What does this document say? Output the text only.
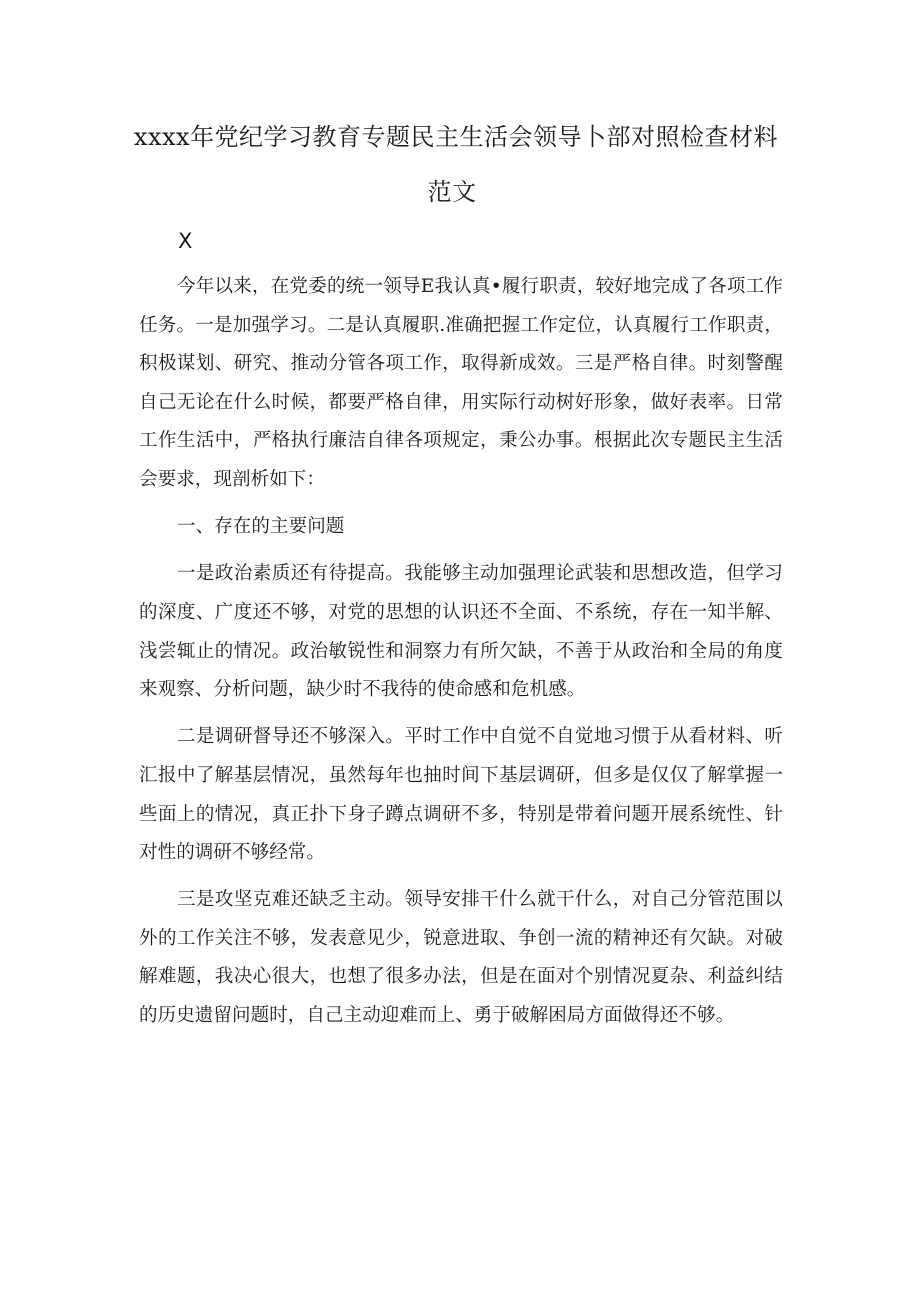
xxxx年党纪学习教育专题民主生活会领导卜部对照检查材料
范文
X

今年以来，在党委的统一领导E我认真•履行职责，较好地完成了各项工作任务。一是加强学习。二是认真履职.准确把握工作定位，认真履行工作职责，积极谋划、研究、推动分管各项工作，取得新成效。三是严格自律。时刻警醒自己无论在什么时候，都要严格自律，用实际行动树好形象，做好表率。日常工作生活中，严格执行廉洁自律各项规定，秉公办事。根据此次专题民主生活会要求，现剖析如下：

一、存在的主要问题

一是政治素质还有待提高。我能够主动加强理论武装和思想改造，但学习的深度、广度还不够，对党的思想的认识还不全面、不系统，存在一知半解、浅尝辄止的情况。政治敏锐性和洞察力有所欠缺，不善于从政治和全局的角度来观察、分析问题，缺少时不我待的使命感和危机感。

二是调研督导还不够深入。平时工作中自觉不自觉地习惯于从看材料、听汇报中了解基层情况，虽然每年也抽时间下基层调研，但多是仅仅了解掌握一些面上的情况，真正扑下身子蹲点调研不多，特别是带着问题开展系统性、针对性的调研不够经常。

三是攻坚克难还缺乏主动。领导安排干什么就干什么，对自己分管范围以外的工作关注不够，发表意见少，锐意进取、争创一流的精神还有欠缺。对破解难题，我决心很大，也想了很多办法，但是在面对个别情况夏杂、利益纠结的历史遗留问题时，自己主动迎难而上、勇于破解困局方面做得还不够。
